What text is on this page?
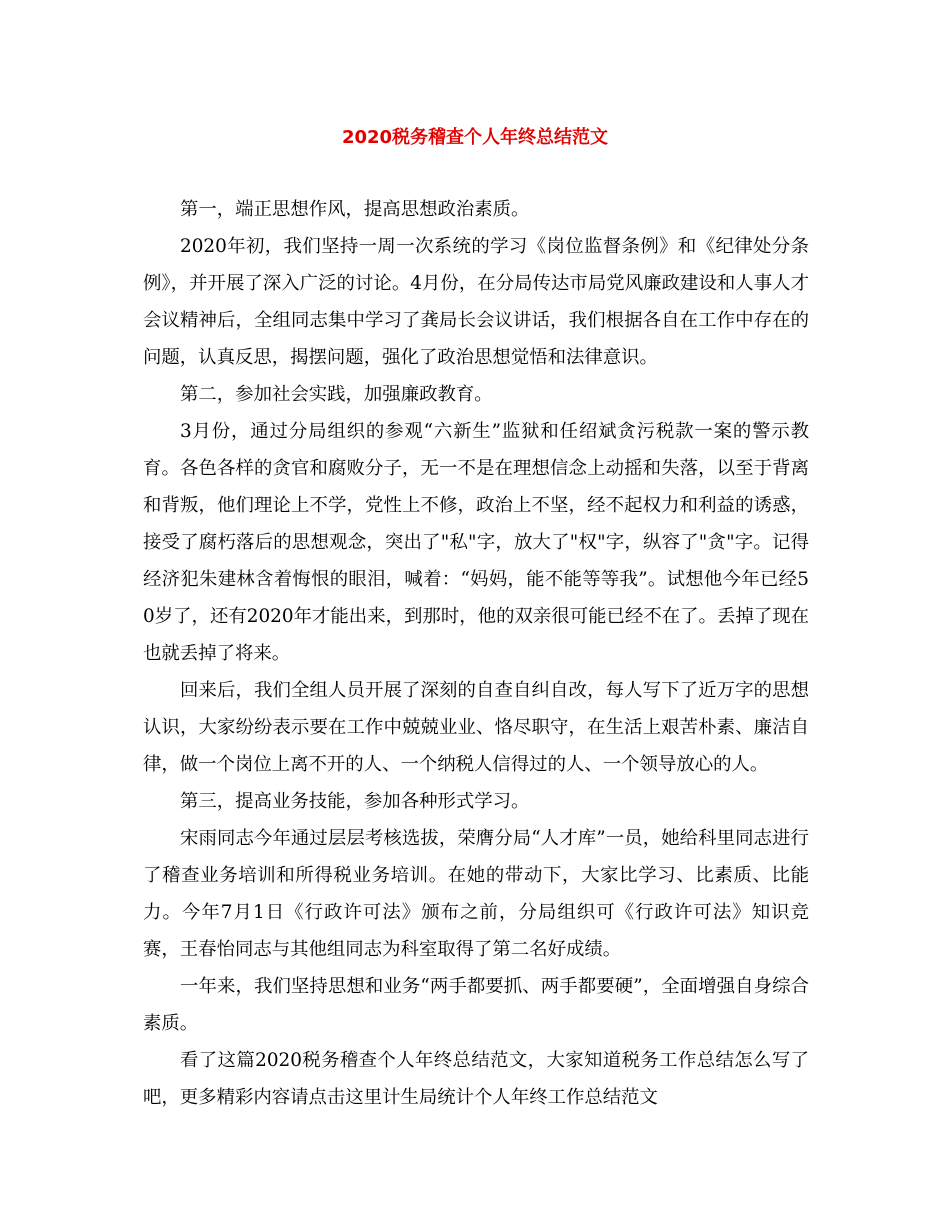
2020税务稽查个人年终总结范文

第一，端正思想作风，提高思想政治素质。

2020年初，我们坚持一周一次系统的学习《岗位监督条例》和《纪律处分条例》，并开展了深入广泛的讨论。4月份，在分局传达市局党风廉政建设和人事人才会议精神后，全组同志集中学习了龚局长会议讲话，我们根据各自在工作中存在的问题，认真反思，揭摆问题，强化了政治思想觉悟和法律意识。

第二，参加社会实践，加强廉政教育。

3月份，通过分局组织的参观“六新生”监狱和任绍斌贪污税款一案的警示教育。各色各样的贪官和腐败分子，无一不是在理想信念上动摇和失落，以至于背离和背叛，他们理论上不学，党性上不修，政治上不坚，经不起权力和利益的诱惑，接受了腐朽落后的思想观念，突出了"私"字，放大了"权"字，纵容了"贪"字。记得经济犯朱建林含着悔恨的眼泪，喊着：“妈妈，能不能等等我”。试想他今年已经50岁了，还有2020年才能出来，到那时，他的双亲很可能已经不在了。丢掉了现在也就丢掉了将来。

回来后，我们全组人员开展了深刻的自查自纠自改，每人写下了近万字的思想认识，大家纷纷表示要在工作中兢兢业业、恪尽职守，在生活上艰苦朴素、廉洁自律，做一个岗位上离不开的人、一个纳税人信得过的人、一个领导放心的人。

第三，提高业务技能，参加各种形式学习。

宋雨同志今年通过层层考核选拔，荣膺分局“人才库”一员，她给科里同志进行了稽查业务培训和所得税业务培训。在她的带动下，大家比学习、比素质、比能力。今年7月1日《行政许可法》颁布之前，分局组织可《行政许可法》知识竞赛，王春怡同志与其他组同志为科室取得了第二名好成绩。

一年来，我们坚持思想和业务“两手都要抓、两手都要硬”，全面增强自身综合素质。

看了这篇2020税务稽查个人年终总结范文，大家知道税务工作总结怎么写了吧，更多精彩内容请点击这里计生局统计个人年终工作总结范文
